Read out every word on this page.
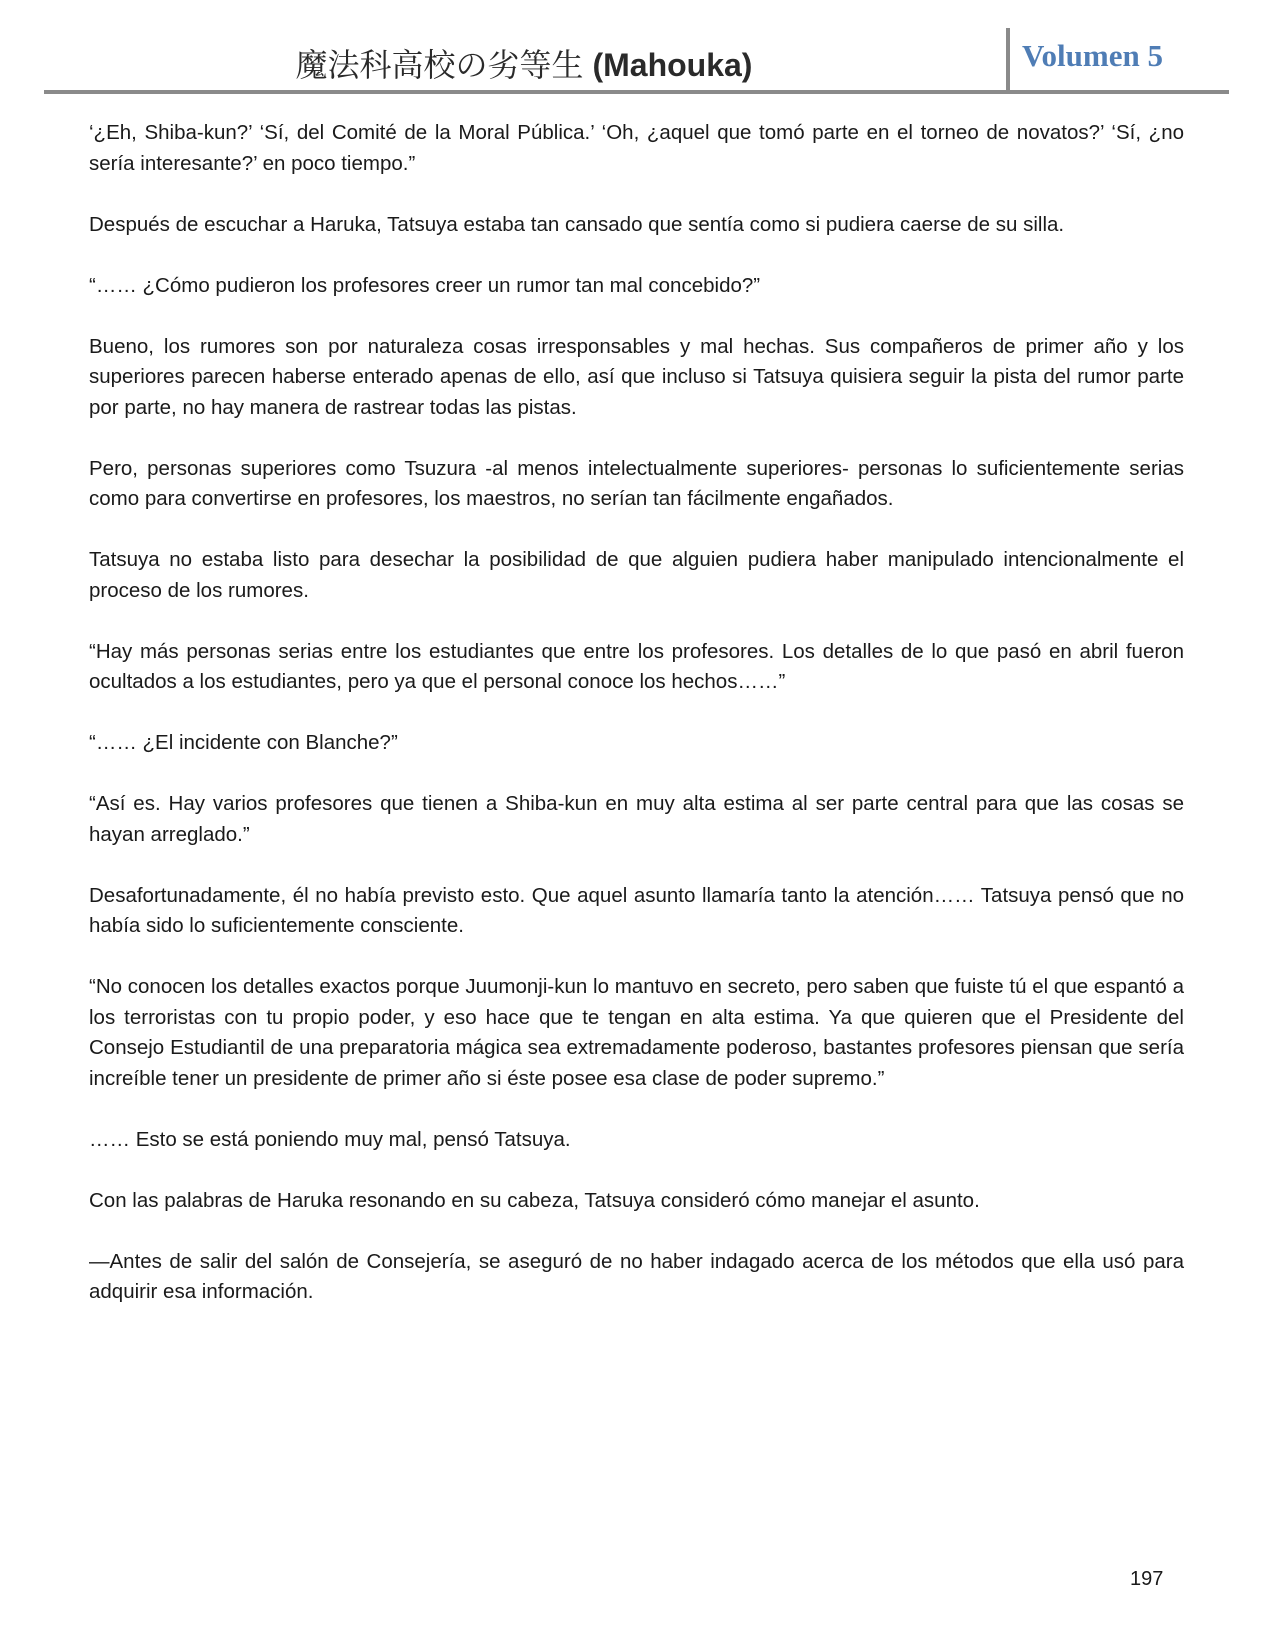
魔法科高校の劣等生 (Mahouka)	Volumen 5

‘¿Eh, Shiba-kun?’ ‘Sí, del Comité de la Moral Pública.’ ‘Oh, ¿aquel que tomó parte en el torneo de novatos?’ ‘Sí, ¿no sería interesante?’ en poco tiempo.”

Después de escuchar a Haruka, Tatsuya estaba tan cansado que sentía como si pudiera caerse de su silla.

“…… ¿Cómo pudieron los profesores creer un rumor tan mal concebido?”

Bueno, los rumores son por naturaleza cosas irresponsables y mal hechas. Sus compañeros de primer año y los superiores parecen haberse enterado apenas de ello, así que incluso si Tatsuya quisiera seguir la pista del rumor parte por parte, no hay manera de rastrear todas las pistas.

Pero, personas superiores como Tsuzura -al menos intelectualmente superiores- personas lo suficientemente serias como para convertirse en profesores, los maestros, no serían tan fácilmente engañados.

Tatsuya no estaba listo para desechar la posibilidad de que alguien pudiera haber manipulado intencionalmente el proceso de los rumores.

“Hay más personas serias entre los estudiantes que entre los profesores. Los detalles de lo que pasó en abril fueron ocultados a los estudiantes, pero ya que el personal conoce los hechos……”

“…… ¿El incidente con Blanche?”

“Así es. Hay varios profesores que tienen a Shiba-kun en muy alta estima al ser parte central para que las cosas se hayan arreglado.”

Desafortunadamente, él no había previsto esto. Que aquel asunto llamaría tanto la atención…… Tatsuya pensó que no había sido lo suficientemente consciente.

“No conocen los detalles exactos porque Juumonji-kun lo mantuvo en secreto, pero saben que fuiste tú el que espantó a los terroristas con tu propio poder, y eso hace que te tengan en alta estima. Ya que quieren que el Presidente del Consejo Estudiantil de una preparatoria mágica sea extremadamente poderoso, bastantes profesores piensan que sería increíble tener un presidente de primer año si éste posee esa clase de poder supremo.”

…… Esto se está poniendo muy mal, pensó Tatsuya.

Con las palabras de Haruka resonando en su cabeza, Tatsuya consideró cómo manejar el asunto.

—Antes de salir del salón de Consejería, se aseguró de no haber indagado acerca de los métodos que ella usó para adquirir esa información.

197
